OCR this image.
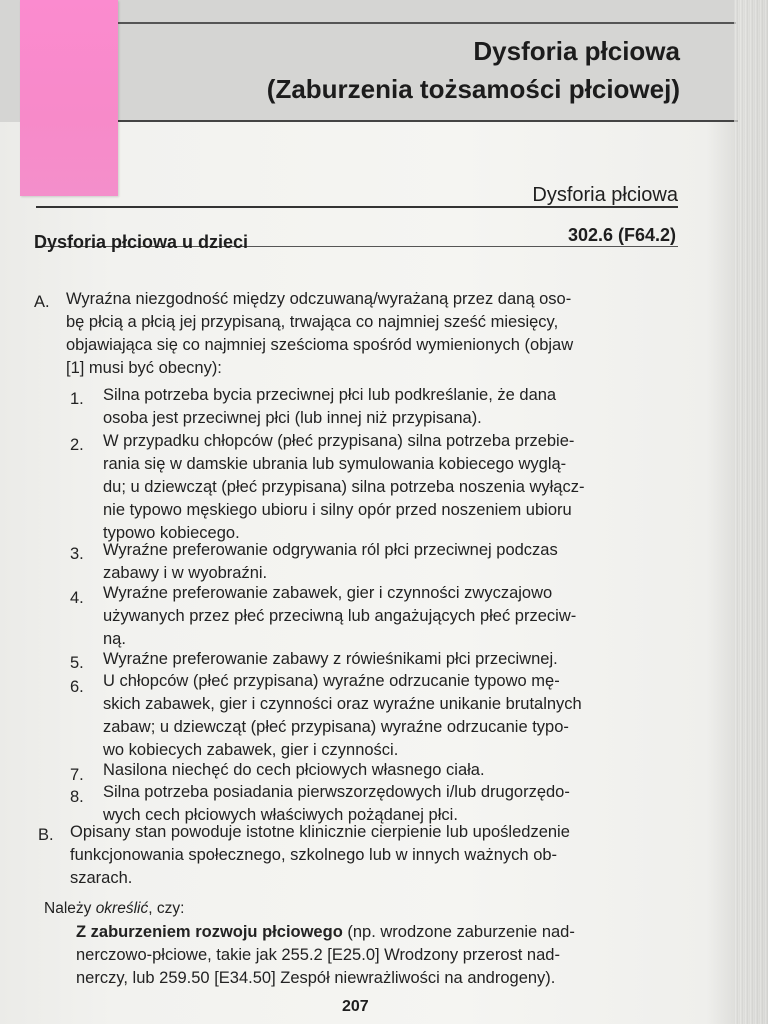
Dysforia płciowa
(Zaburzenia tożsamości płciowej)
Dysforia płciowa
Dysforia płciowa u dzieci	302.6 (F64.2)
A. Wyraźna niezgodność między odczuwaną/wyrażaną przez daną oso-
bę płcią a płcią jej przypisaną, trwająca co najmniej sześć miesięcy,
objawiająca się co najmniej sześcioma spośród wymienionych (objaw
[1] musi być obecny):
1. Silna potrzeba bycia przeciwnej płci lub podkreślanie, że dana
osoba jest przeciwnej płci (lub innej niż przypisana).
2. W przypadku chłopców (płeć przypisana) silna potrzeba przebie-
rania się w damskie ubrania lub symulowania kobiecego wyglą-
du; u dziewcząt (płeć przypisana) silna potrzeba noszenia wyłącz-
nie typowo męskiego ubioru i silny opór przed noszeniem ubioru
typowo kobiecego.
3. Wyraźne preferowanie odgrywania ról płci przeciwnej podczas
zabawy i w wyobraźni.
4. Wyraźne preferowanie zabawek, gier i czynności zwyczajowo
używanych przez płeć przeciwną lub angażujących płeć przeciw-
ną.
5. Wyraźne preferowanie zabawy z rówieśnikami płci przeciwnej.
6. U chłopców (płeć przypisana) wyraźne odrzucanie typowo mę-
skich zabawek, gier i czynności oraz wyraźne unikanie brutalnych
zabaw; u dziewcząt (płeć przypisana) wyraźne odrzucanie typo-
wo kobiecych zabawek, gier i czynności.
7. Nasilona niechęć do cech płciowych własnego ciała.
8. Silna potrzeba posiadania pierwszorzędowych i/lub drugorzędo-
wych cech płciowych właściwych pożądanej płci.
B. Opisany stan powoduje istotne klinicznie cierpienie lub upośledzenie
funkcjonowania społecznego, szkolnego lub w innych ważnych ob-
szarach.
Należy określić, czy:
Z zaburzeniem rozwoju płciowego (np. wrodzone zaburzenie nad-
nerczowo-płciowe, takie jak 255.2 [E25.0] Wrodzony przerost nad-
nerczy, lub 259.50 [E34.50] Zespół niewrażliwości na androgeny).
207
